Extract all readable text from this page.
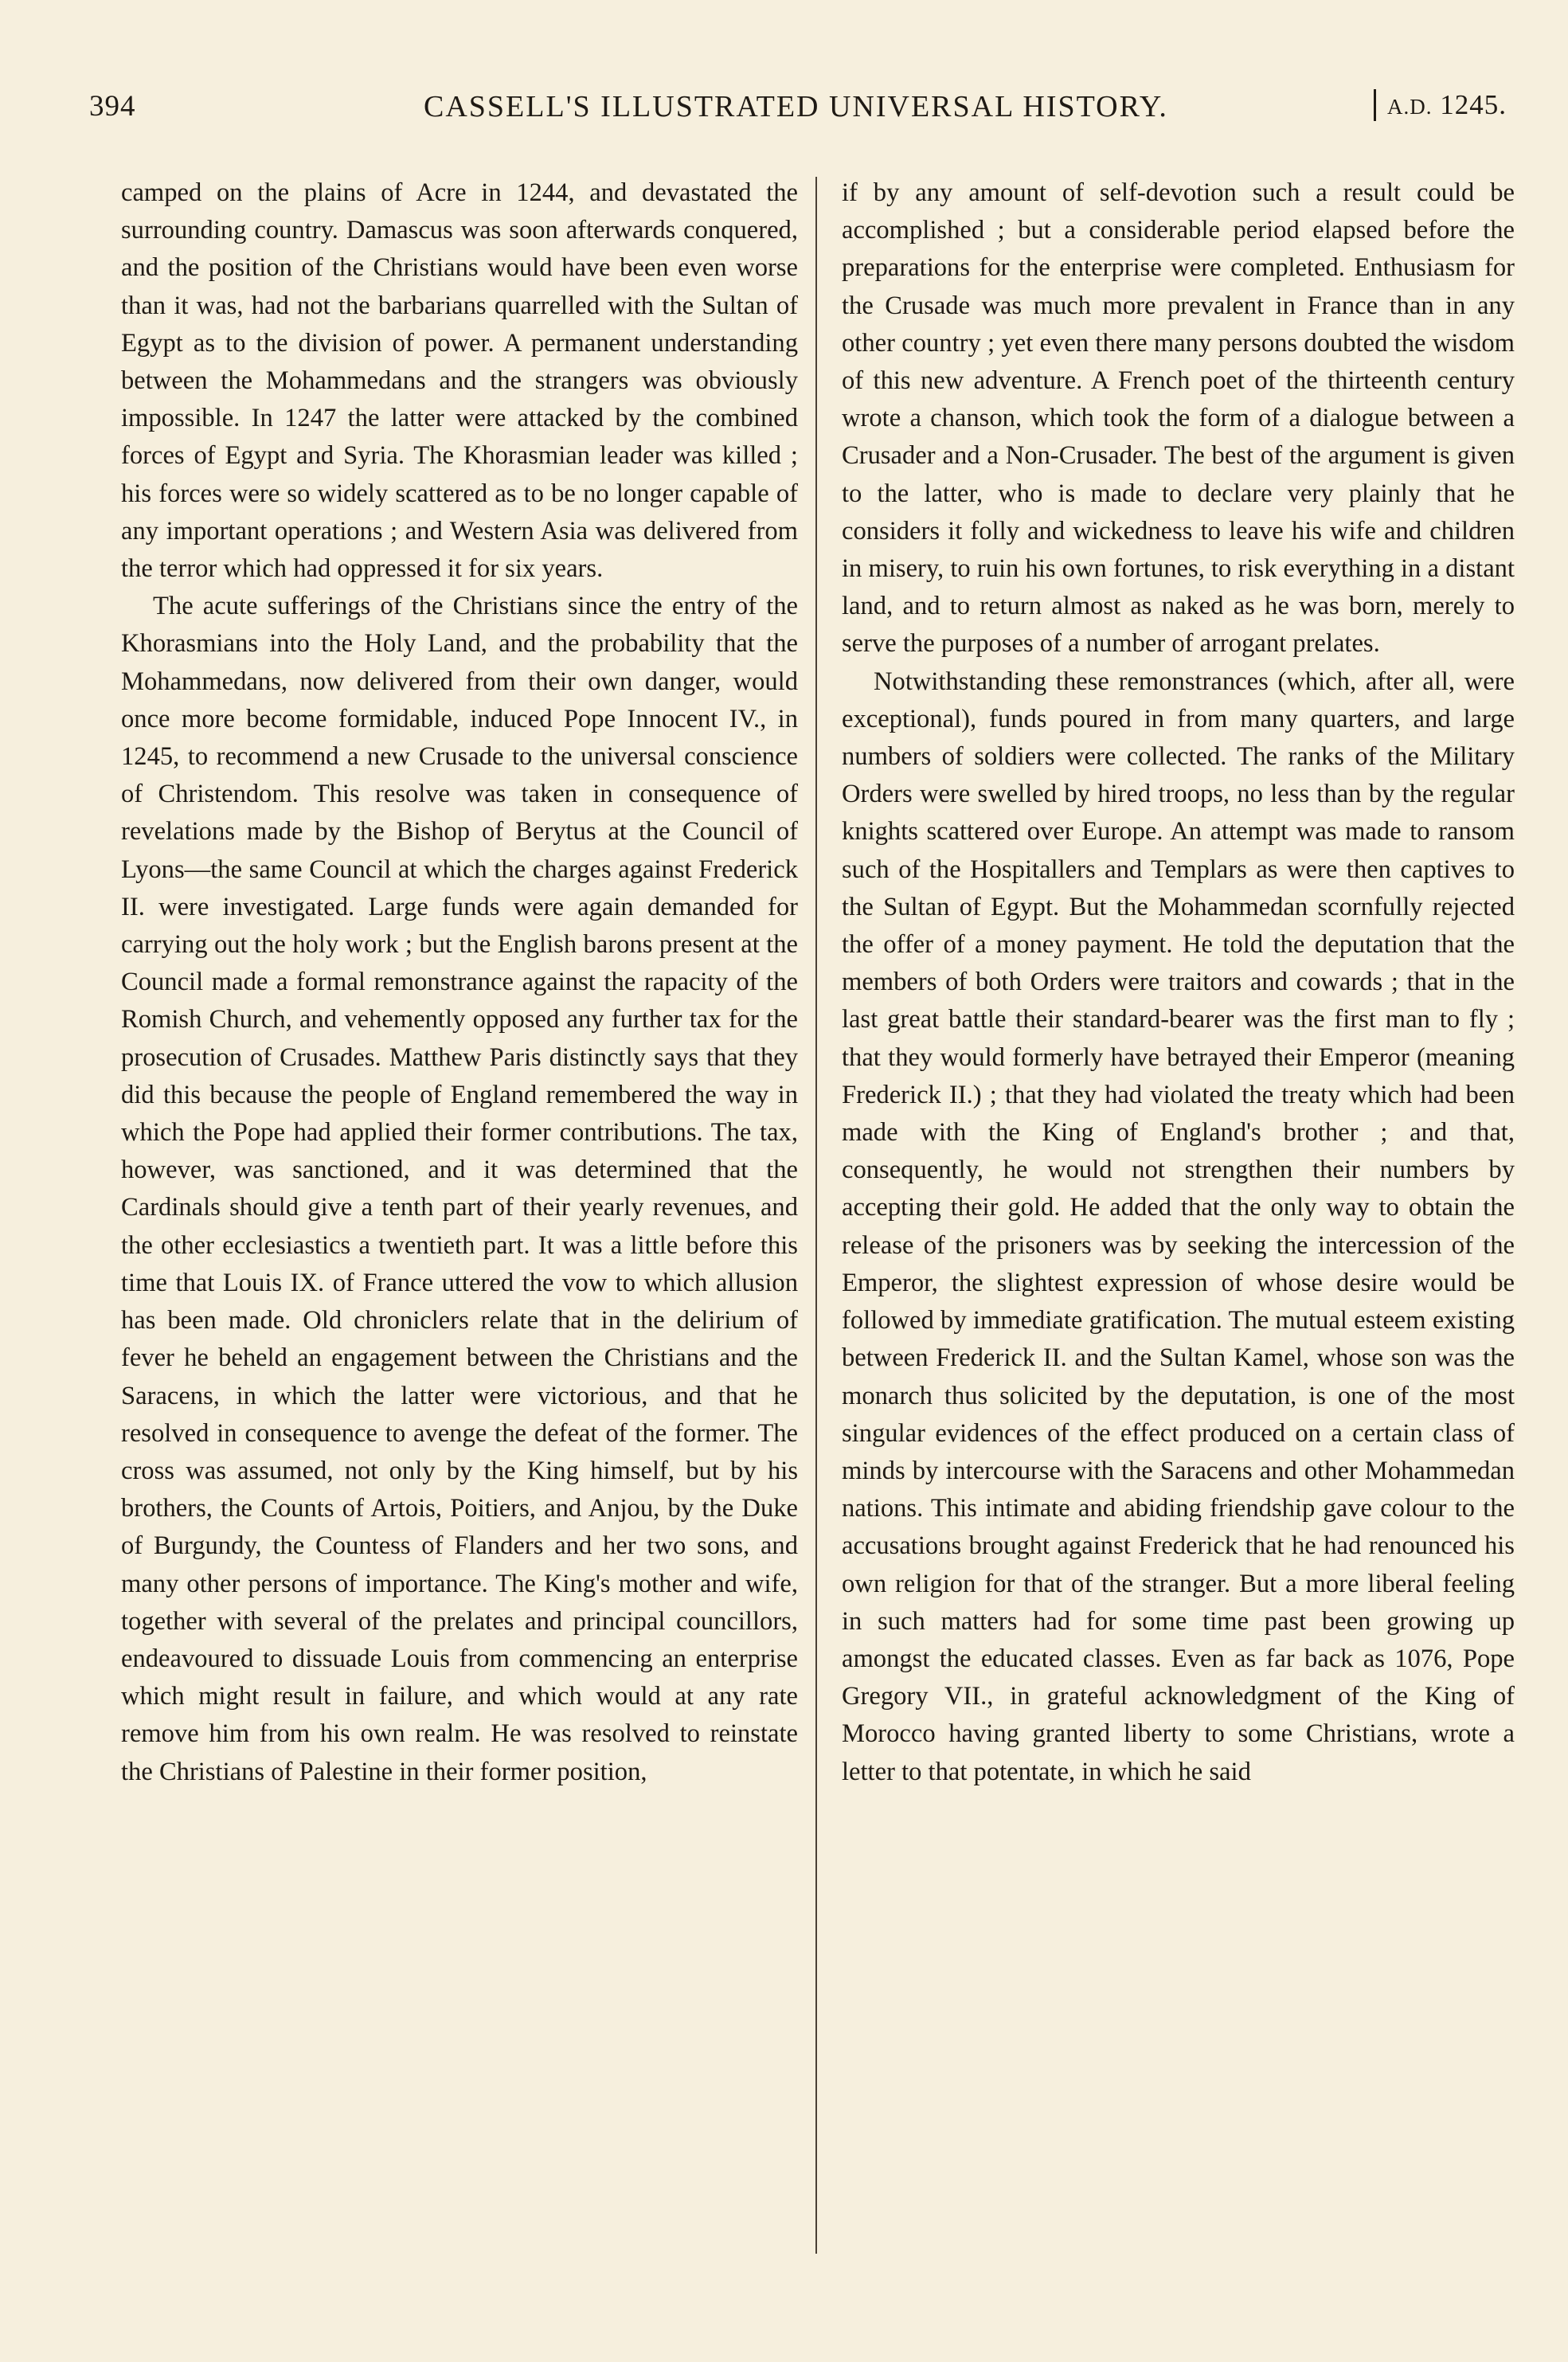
394	CASSELL'S ILLUSTRATED UNIVERSAL HISTORY.	A.D. 1245.

camped on the plains of Acre in 1244, and devastated the surrounding country. Damascus was soon afterwards conquered, and the position of the Christians would have been even worse than it was, had not the barbarians quarrelled with the Sultan of Egypt as to the division of power. A permanent understanding between the Mohammedans and the strangers was obviously impossible. In 1247 the latter were attacked by the combined forces of Egypt and Syria. The Khorasmian leader was killed ; his forces were so widely scattered as to be no longer capable of any important operations ; and Western Asia was delivered from the terror which had oppressed it for six years.

The acute sufferings of the Christians since the entry of the Khorasmians into the Holy Land, and the probability that the Mohammedans, now delivered from their own danger, would once more become formidable, induced Pope Innocent IV., in 1245, to recommend a new Crusade to the universal conscience of Christendom. This resolve was taken in consequence of revelations made by the Bishop of Berytus at the Council of Lyons—the same Council at which the charges against Frederick II. were investigated. Large funds were again demanded for carrying out the holy work ; but the English barons present at the Council made a formal remonstrance against the rapacity of the Romish Church, and vehemently opposed any further tax for the prosecution of Crusades. Matthew Paris distinctly says that they did this because the people of England remembered the way in which the Pope had applied their former contributions. The tax, however, was sanctioned, and it was determined that the Cardinals should give a tenth part of their yearly revenues, and the other ecclesiastics a twentieth part. It was a little before this time that Louis IX. of France uttered the vow to which allusion has been made. Old chroniclers relate that in the delirium of fever he beheld an engagement between the Christians and the Saracens, in which the latter were victorious, and that he resolved in consequence to avenge the defeat of the former. The cross was assumed, not only by the King himself, but by his brothers, the Counts of Artois, Poitiers, and Anjou, by the Duke of Burgundy, the Countess of Flanders and her two sons, and many other persons of importance. The King's mother and wife, together with several of the prelates and principal councillors, endeavoured to dissuade Louis from commencing an enterprise which might result in failure, and which would at any rate remove him from his own realm. He was resolved to reinstate the Christians of Palestine in their former position,

if by any amount of self-devotion such a result could be accomplished ; but a considerable period elapsed before the preparations for the enterprise were completed. Enthusiasm for the Crusade was much more prevalent in France than in any other country ; yet even there many persons doubted the wisdom of this new adventure. A French poet of the thirteenth century wrote a chanson, which took the form of a dialogue between a Crusader and a Non-Crusader. The best of the argument is given to the latter, who is made to declare very plainly that he considers it folly and wickedness to leave his wife and children in misery, to ruin his own fortunes, to risk everything in a distant land, and to return almost as naked as he was born, merely to serve the purposes of a number of arrogant prelates.

Notwithstanding these remonstrances (which, after all, were exceptional), funds poured in from many quarters, and large numbers of soldiers were collected. The ranks of the Military Orders were swelled by hired troops, no less than by the regular knights scattered over Europe. An attempt was made to ransom such of the Hospitallers and Templars as were then captives to the Sultan of Egypt. But the Mohammedan scornfully rejected the offer of a money payment. He told the deputation that the members of both Orders were traitors and cowards ; that in the last great battle their standard-bearer was the first man to fly ; that they would formerly have betrayed their Emperor (meaning Frederick II.) ; that they had violated the treaty which had been made with the King of England's brother ; and that, consequently, he would not strengthen their numbers by accepting their gold. He added that the only way to obtain the release of the prisoners was by seeking the intercession of the Emperor, the slightest expression of whose desire would be followed by immediate gratification. The mutual esteem existing between Frederick II. and the Sultan Kamel, whose son was the monarch thus solicited by the deputation, is one of the most singular evidences of the effect produced on a certain class of minds by intercourse with the Saracens and other Mohammedan nations. This intimate and abiding friendship gave colour to the accusations brought against Frederick that he had renounced his own religion for that of the stranger. But a more liberal feeling in such matters had for some time past been growing up amongst the educated classes. Even as far back as 1076, Pope Gregory VII., in grateful acknowledgment of the King of Morocco having granted liberty to some Christians, wrote a letter to that potentate, in which he said
